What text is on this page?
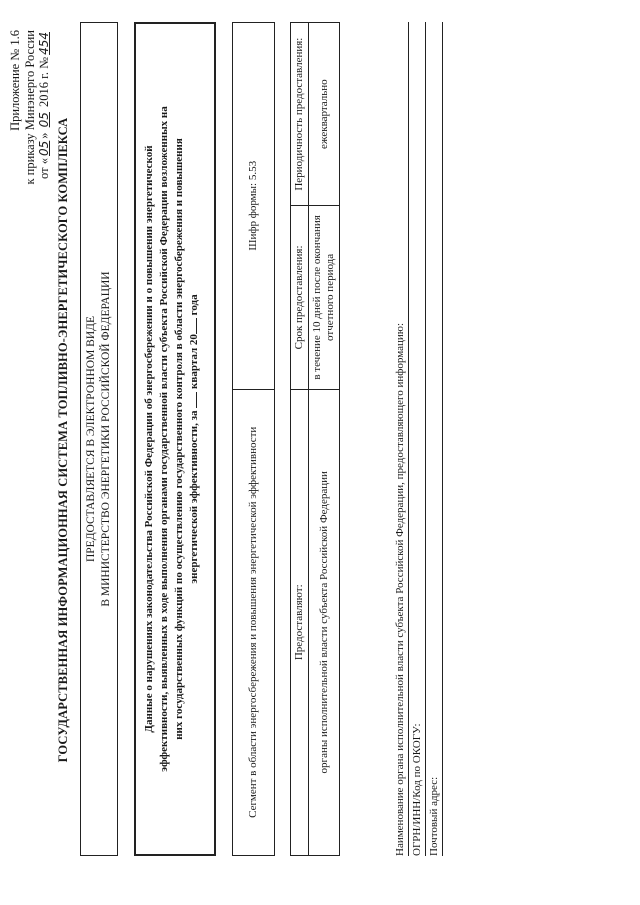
Приложение № 1.6 к приказу Минэнерго России от «05» 05 2016 г. №454
ГОСУДАРСТВЕННАЯ ИНФОРМАЦИОННАЯ СИСТЕМА ТОПЛИВНО-ЭНЕРГЕТИЧЕСКОГО КОМПЛЕКСА ПРЕДОСТАВЛЯЕТСЯ В ЭЛЕКТРОННОМ ВИДЕ В МИНИСТЕРСТВО ЭНЕРГЕТИКИ РОССИЙСКОЙ ФЕДЕРАЦИИ	Данные о нарушениях законодательства Российской Федерации об энергосбережении и о повышении энергетической эффективности, выявленных в ходе выполнения органами государственной власти субъекта Российской Федерации возложенных на них государственных функций по осуществлению государственного контроля в области энергосбережения и повышения энергетической эффективности, за  квартал 20 года
Сегмент в области энергосбережения и повышения энергетической эффективности	Шифр формы: 5.53
Предоставляют:	Срок предоставления:	Периодичность предоставления:
органы исполнительной власти субъекта Российской Федерации	в течение 10 дней после окончания отчетного периода	ежеквартально
Наименование органа исполнительной власти субъекта Российской Федерации, предоставляющего информацию: ОГРН/ИНН/Код по ОКОГУ: Почтовый адрес:
